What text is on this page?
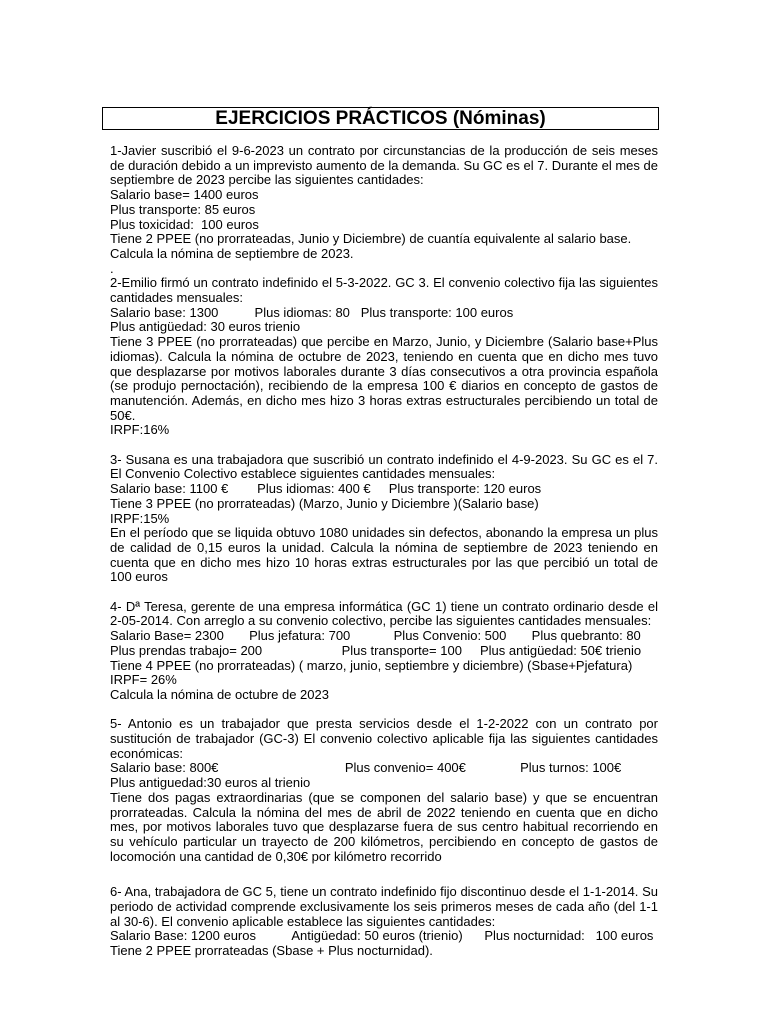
EJERCICIOS PRÁCTICOS (Nóminas)
1-Javier suscribió el 9-6-2023 un contrato por circunstancias de la producción de seis meses de duración debido a un imprevisto aumento de la demanda. Su GC es el 7. Durante el mes de septiembre de 2023 percibe las siguientes cantidades:
Salario base= 1400 euros
Plus transporte: 85 euros
Plus toxicidad:  100 euros
Tiene 2 PPEE (no prorrateadas, Junio y Diciembre) de cuantía equivalente al salario base.
Calcula la nómina de septiembre de 2023.
.
2-Emilio firmó un contrato indefinido el 5-3-2022. GC 3. El convenio colectivo fija las siguientes cantidades mensuales:
Salario base: 1300          Plus idiomas: 80   Plus transporte: 100 euros
Plus antigüedad: 30 euros trienio
Tiene 3 PPEE (no prorrateadas) que percibe en Marzo, Junio, y Diciembre (Salario base+Plus idiomas). Calcula la nómina de octubre de 2023, teniendo en cuenta que en dicho mes tuvo que desplazarse por motivos laborales durante 3 días consecutivos a otra provincia española (se produjo pernoctación), recibiendo de la empresa 100 € diarios en concepto de gastos de manutención. Además, en dicho mes hizo 3 horas extras estructurales percibiendo un total de 50€.
IRPF:16%
3- Susana es una trabajadora que suscribió un contrato indefinido el 4-9-2023. Su GC es el 7. El Convenio Colectivo establece siguientes cantidades mensuales:
Salario base: 1100 €        Plus idiomas: 400 €     Plus transporte: 120 euros
Tiene 3 PPEE (no prorrateadas) (Marzo, Junio y Diciembre )(Salario base)
IRPF:15%
En el período que se liquida obtuvo 1080 unidades sin defectos, abonando la empresa un plus de calidad de 0,15 euros la unidad. Calcula la nómina de septiembre de 2023 teniendo en cuenta que en dicho mes hizo 10 horas extras estructurales por las que percibió un total de 100 euros
4- Dª Teresa, gerente de una empresa informática (GC 1) tiene un contrato ordinario desde el 2-05-2014. Con arreglo a su convenio colectivo, percibe las siguientes cantidades mensuales:
Salario Base= 2300       Plus jefatura: 700            Plus Convenio: 500       Plus quebranto: 80
Plus prendas trabajo= 200                      Plus transporte= 100     Plus antigüedad: 50€ trienio
Tiene 4 PPEE (no prorrateadas) ( marzo, junio, septiembre y diciembre) (Sbase+Pjefatura)
IRPF= 26%
Calcula la nómina de octubre de 2023
5- Antonio es un trabajador que presta servicios desde el 1-2-2022 con un contrato por sustitución de trabajador (GC-3) El convenio colectivo aplicable fija las siguientes cantidades económicas:
Salario base: 800€                                   Plus convenio= 400€               Plus turnos: 100€
Plus antiguedad:30 euros al trienio
Tiene dos pagas extraordinarias (que se componen del salario base) y que se encuentran prorrateadas. Calcula la nómina del mes de abril de 2022 teniendo en cuenta que en dicho mes, por motivos laborales tuvo que desplazarse fuera de sus centro habitual recorriendo en su vehículo particular un trayecto de 200 kilómetros, percibiendo en concepto de gastos de locomoción una cantidad de 0,30€ por kilómetro recorrido
6- Ana, trabajadora de GC 5, tiene un contrato indefinido fijo discontinuo desde el 1-1-2014. Su periodo de actividad comprende exclusivamente los seis primeros meses de cada año (del 1-1 al 30-6). El convenio aplicable establece las siguientes cantidades:
Salario Base: 1200 euros          Antigüedad: 50 euros (trienio)      Plus nocturnidad:   100 euros
Tiene 2 PPEE prorrateadas (Sbase + Plus nocturnidad).
